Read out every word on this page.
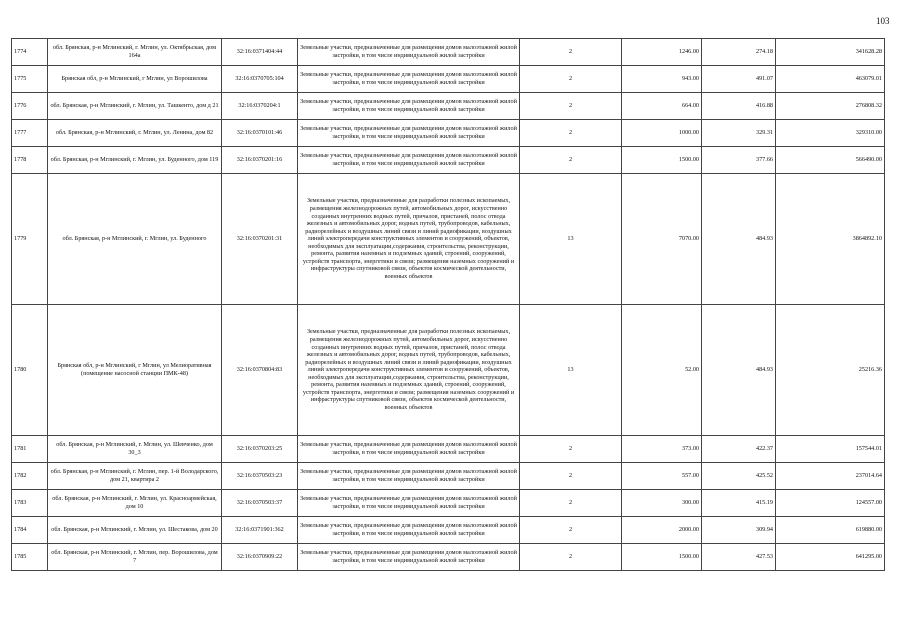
103
1774	обл. Брянская, р-н Мглинский, г. Мглин, ул. Октябрьская, дом 164а	32:16:0371404:44	Земельные участки, предназначенные для размещения домов малоэтажной жилой застройки, в том числе индивидуальной жилой застройки	2	1246.00	274.18	341628.28
1775	Брянская обл, р-н Мглинский, г Мглин, ул Ворошилова	32:16:0370705:104	Земельные участки, предназначенные для размещения домов малоэтажной жилой застройки, в том числе индивидуальной жилой застройки	2	943.00	491.07	463079.01
1776	обл. Брянская, р-н Мглинский, г. Мглин, ул. Ташкенто, дом д 21	32:16:0370204:1	Земельные участки, предназначенные для размещения домов малоэтажной жилой застройки, в том числе индивидуальной жилой застройки	2	664.00	416.88	276808.32
1777	обл. Брянская, р-н Мглинский, г. Мглин, ул. Ленина, дом 82	32:16:0370101:46	Земельные участки, предназначенные для размещения домов малоэтажной жилой застройки, в том числе индивидуальной жилой застройки	2	1000.00	329.31	329310.00
1778	обл. Брянская, р-н Мглинский, г. Мглин, ул. Буденного, дом 119	32:16:0370201:16	Земельные участки, предназначенные для размещения домов малоэтажной жилой застройки, в том числе индивидуальной жилой застройки	2	1500.00	377.66	566490.00
1779	обл. Брянская, р-н Мглинский, г. Мглин, ул. Буденного	32:16:0370201:31	Земельные участки, предназначенные для разработки полезных ископаемых, размещения железнодорожных путей, автомобильных дорог, искусственно созданных внутренних водных путей, причалов, пристаней, полос отвода железных и автомобильных дорог, водных путей, трубопроводов, кабельных, радиорелейных и воздушных линий связи и линий радиофикации, воздушных линий электропередачи конструктивных элементов и сооружений, объектов, необходимых для эксплуатации,содержания, строительства, реконструкции, ремонта, развития наземных и подземных зданий, строений, сооружений, устройств транспорта, энергетики и связи; размещения наземных сооружений и инфраструктуры спутниковой связи, объектов космической деятельности, военных объектов	13	7070.00	484.93	3864892.10
1780	Брянская обл, р-н Мглинский, г Мглин, ул Мелиоративная (помещение насосной станции ПМК-48)	32:16:0370804:83	Земельные участки, предназначенные для разработки полезных ископаемых, размещения железнодорожных путей, автомобильных дорог, искусственно созданных внутренних водных путей, причалов, пристаней, полос отвода железных и автомобильных дорог, водных путей, трубопроводов, кабельных, радиорелейных и воздушных линий связи и линий радиофикации, воздушных линий электропередачи конструктивных элементов и сооружений, объектов, необходимых для эксплуатации,содержания, строительства, реконструкции, ремонта, развития наземных и подземных зданий, строений, сооружений, устройств транспорта, энергетики и связи; размещения наземных сооружений и инфраструктуры спутниковой связи, объектов космической деятельности, военных объектов	13	52.00	484.93	25216.36
1781	обл. Брянская, р-н Мглинский, г. Мглин, ул. Шевченко, дом 30_3	32:16:0370203:25	Земельные участки, предназначенные для размещения домов малоэтажной жилой застройки, в том числе индивидуальной жилой застройки	2	373.00	422.37	157544.01
1782	обл. Брянская, р-н Мглинский, г. Мглин, пер. 1-й Володарского, дом 21, квартира 2	32:16:0370503:23	Земельные участки, предназначенные для размещения домов малоэтажной жилой застройки, в том числе индивидуальной жилой застройки	2	557.00	425.52	237014.64
1783	обл. Брянская, р-н Мглинский, г. Мглин, ул. Красноармейская, дом 10	32:16:0370503:37	Земельные участки, предназначенные для размещения домов малоэтажной жилой застройки, в том числе индивидуальной жилой застройки	2	300.00	415.19	124557.00
1784	обл. Брянская, р-н Мглинский, г. Мглин, ул. Шестакова, дом 20	32:16:0371901:362	Земельные участки, предназначенные для размещения домов малоэтажной жилой застройки, в том числе индивидуальной жилой застройки	2	2000.00	309.94	619880.00
1785	обл. Брянская, р-н Мглинский, г. Мглин, пер. Ворошилова, дом 7	32:16:0370909:22	Земельные участки, предназначенные для размещения домов малоэтажной жилой застройки, в том числе индивидуальной жилой застройки	2	1500.00	427.53	641295.00
